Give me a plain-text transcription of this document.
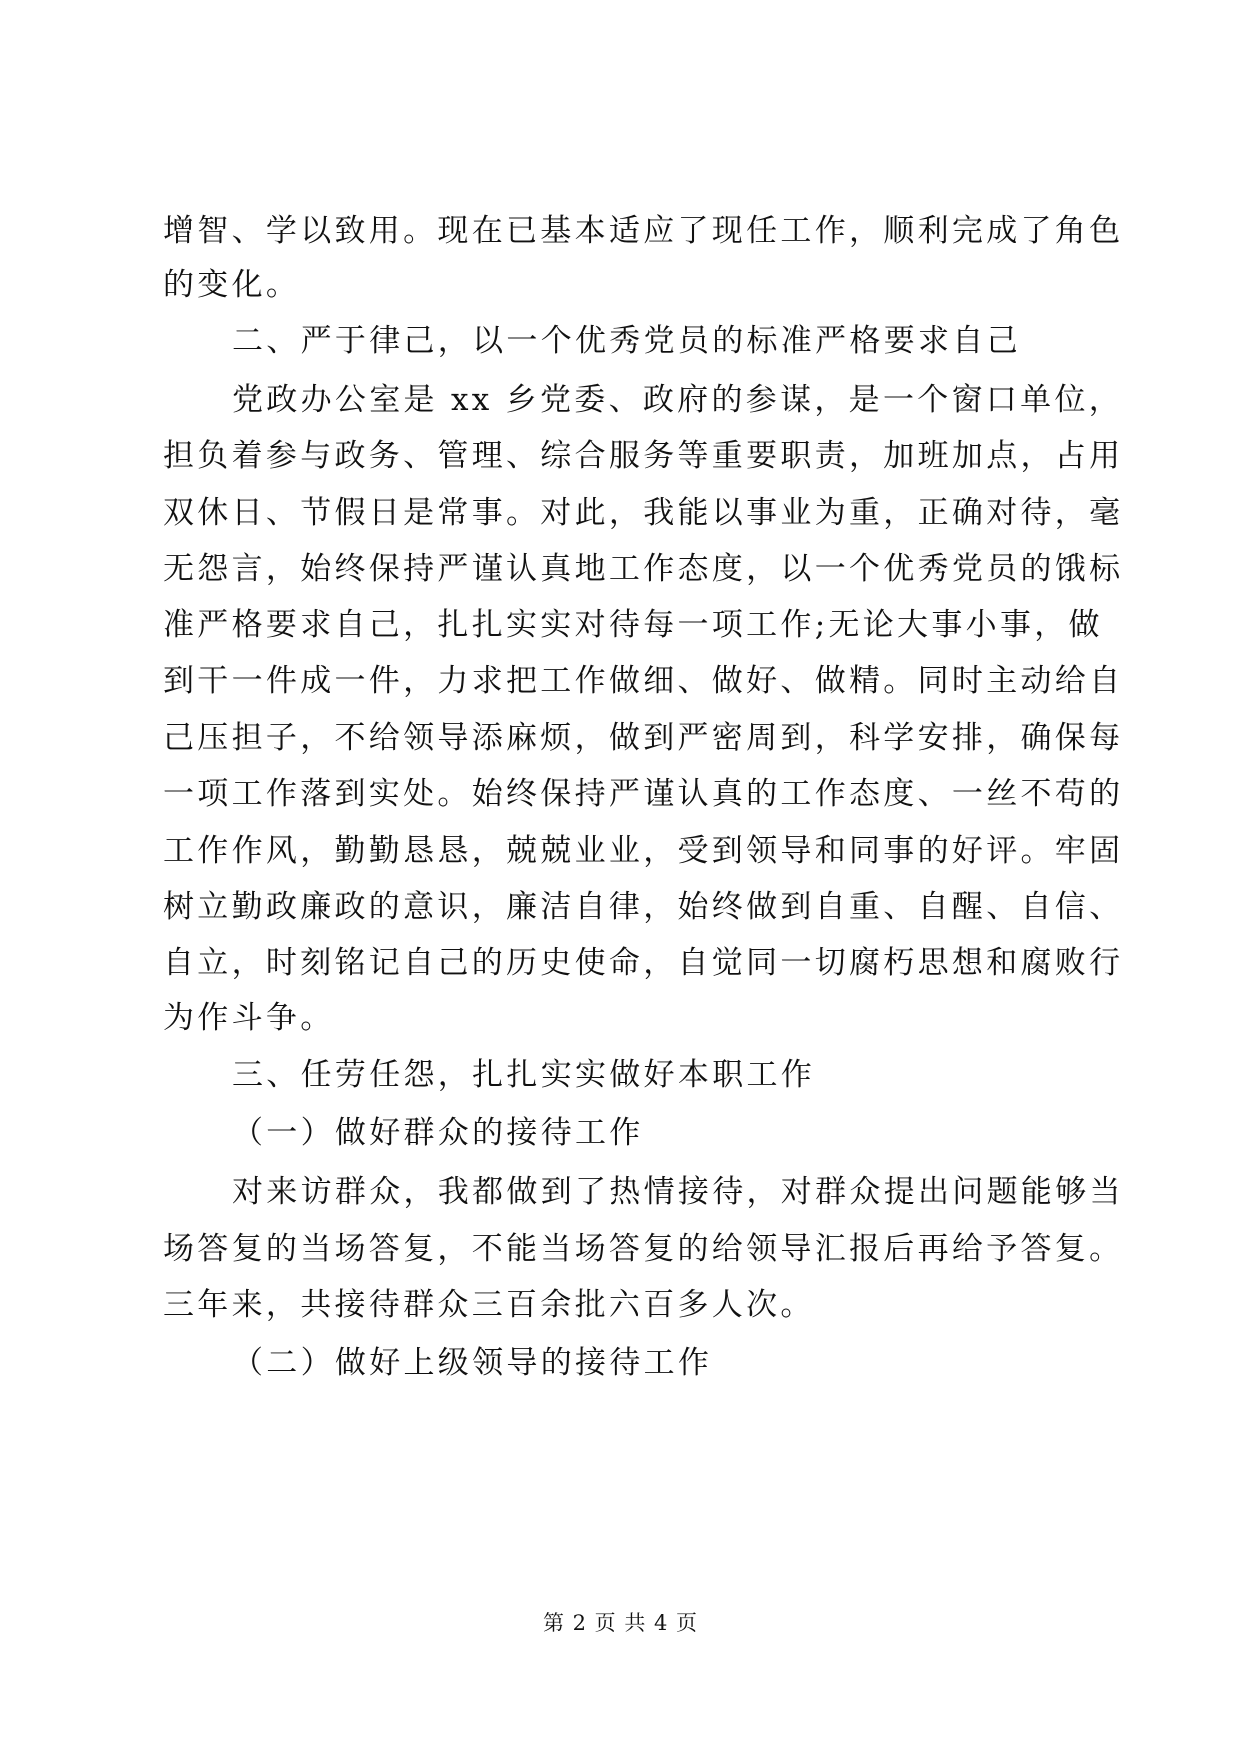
增智、学以致用。现在已基本适应了现任工作，顺利完成了角色
的变化。
二、严于律己，以一个优秀党员的标准严格要求自己
党政办公室是 xx 乡党委、政府的参谋，是一个窗口单位，
担负着参与政务、管理、综合服务等重要职责，加班加点，占用
双休日、节假日是常事。对此，我能以事业为重，正确对待，毫
无怨言，始终保持严谨认真地工作态度，以一个优秀党员的饿标
准严格要求自己，扎扎实实对待每一项工作;无论大事小事，做
到干一件成一件，力求把工作做细、做好、做精。同时主动给自
己压担子，不给领导添麻烦，做到严密周到，科学安排，确保每
一项工作落到实处。始终保持严谨认真的工作态度、一丝不苟的
工作作风，勤勤恳恳，兢兢业业，受到领导和同事的好评。牢固
树立勤政廉政的意识，廉洁自律，始终做到自重、自醒、自信、
自立，时刻铭记自己的历史使命，自觉同一切腐朽思想和腐败行
为作斗争。
三、任劳任怨，扎扎实实做好本职工作
（一）做好群众的接待工作
对来访群众，我都做到了热情接待，对群众提出问题能够当
场答复的当场答复，不能当场答复的给领导汇报后再给予答复。
三年来，共接待群众三百余批六百多人次。
（二）做好上级领导的接待工作
第 2 页 共 4 页
